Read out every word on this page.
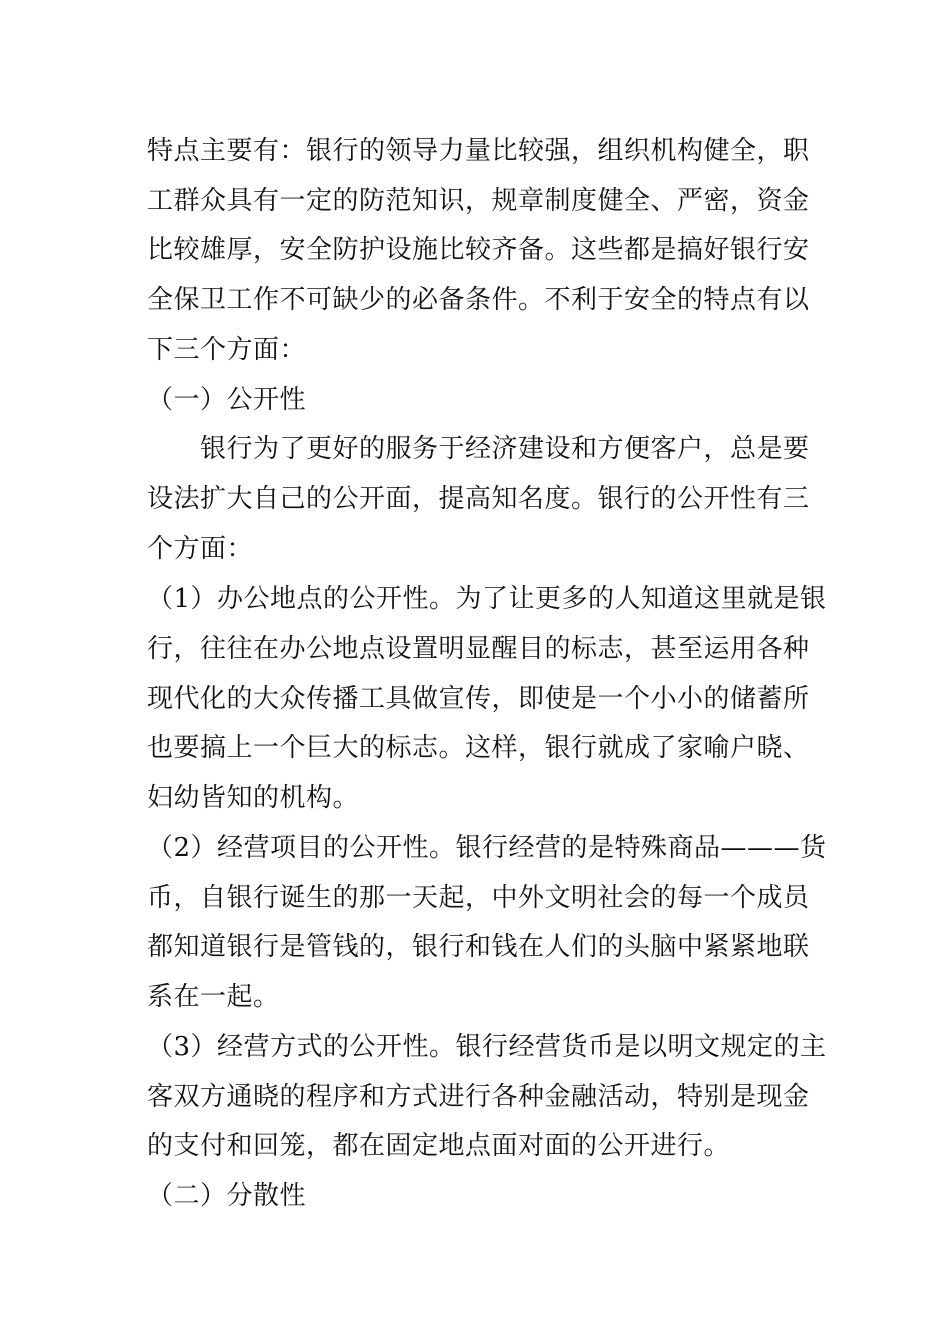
特点主要有：银行的领导力量比较强，组织机构健全，职
工群众具有一定的防范知识，规章制度健全、严密，资金
比较雄厚，安全防护设施比较齐备。这些都是搞好银行安
全保卫工作不可缺少的必备条件。不利于安全的特点有以
下三个方面：
（一）公开性
　　银行为了更好的服务于经济建设和方便客户，总是要
设法扩大自己的公开面，提高知名度。银行的公开性有三
个方面：
（1）办公地点的公开性。为了让更多的人知道这里就是银
行，往往在办公地点设置明显醒目的标志，甚至运用各种
现代化的大众传播工具做宣传，即使是一个小小的储蓄所
也要搞上一个巨大的标志。这样，银行就成了家喻户晓、
妇幼皆知的机构。
（2）经营项目的公开性。银行经营的是特殊商品———货
币，自银行诞生的那一天起，中外文明社会的每一个成员
都知道银行是管钱的，银行和钱在人们的头脑中紧紧地联
系在一起。
（3）经营方式的公开性。银行经营货币是以明文规定的主
客双方通晓的程序和方式进行各种金融活动，特别是现金
的支付和回笼，都在固定地点面对面的公开进行。
（二）分散性
